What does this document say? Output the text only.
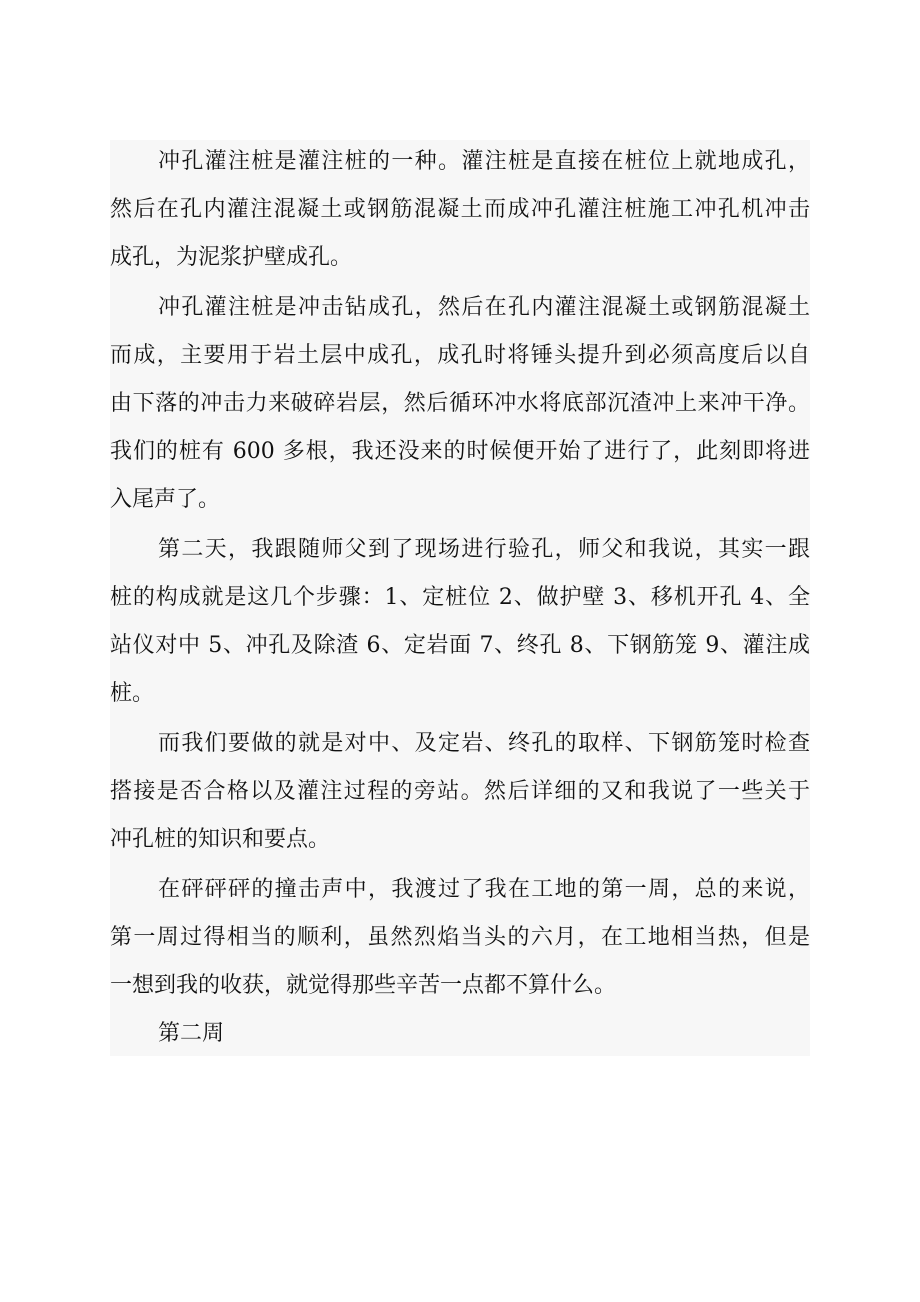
冲孔灌注桩是灌注桩的一种。灌注桩是直接在桩位上就地成孔，
然后在孔内灌注混凝土或钢筋混凝土而成冲孔灌注桩施工冲孔机冲击
成孔，为泥浆护壁成孔。
冲孔灌注桩是冲击钻成孔，然后在孔内灌注混凝土或钢筋混凝土
而成，主要用于岩土层中成孔，成孔时将锤头提升到必须高度后以自
由下落的冲击力来破碎岩层，然后循环冲水将底部沉渣冲上来冲干净。
我们的桩有 600 多根，我还没来的时候便开始了进行了，此刻即将进
入尾声了。
第二天，我跟随师父到了现场进行验孔，师父和我说，其实一跟
桩的构成就是这几个步骤：1、定桩位 2、做护壁 3、移机开孔 4、全
站仪对中 5、冲孔及除渣 6、定岩面 7、终孔 8、下钢筋笼 9、灌注成
桩。
而我们要做的就是对中、及定岩、终孔的取样、下钢筋笼时检查
搭接是否合格以及灌注过程的旁站。然后详细的又和我说了一些关于
冲孔桩的知识和要点。
在砰砰砰的撞击声中，我渡过了我在工地的第一周，总的来说，
第一周过得相当的顺利，虽然烈焰当头的六月，在工地相当热，但是
一想到我的收获，就觉得那些辛苦一点都不算什么。
第二周
